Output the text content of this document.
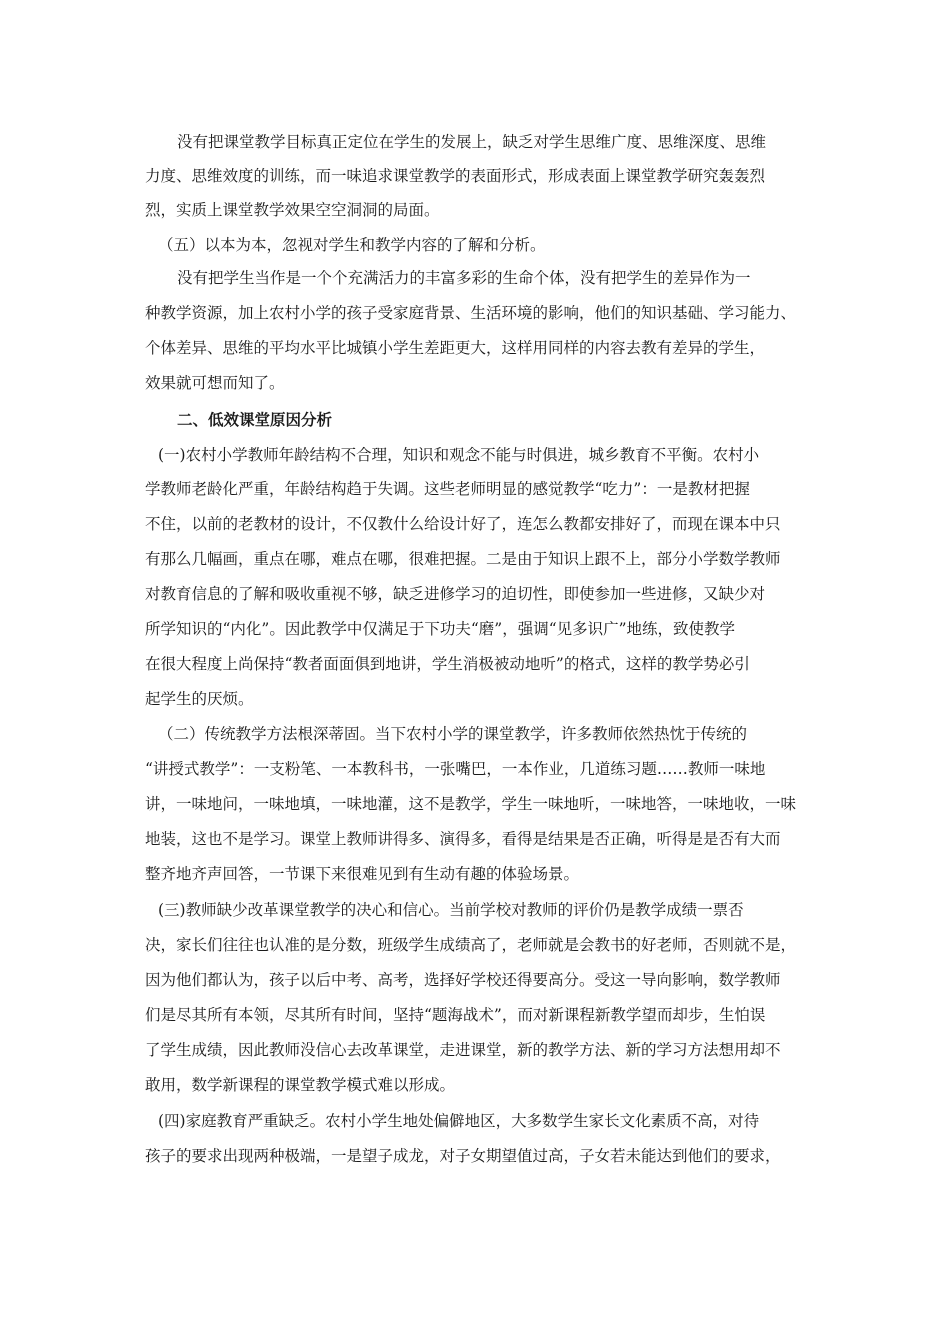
没有把课堂教学目标真正定位在学生的发展上，缺乏对学生思维广度、思维深度、思维
力度、思维效度的训练，而一味追求课堂教学的表面形式，形成表面上课堂教学研究轰轰烈
烈，实质上课堂教学效果空空洞洞的局面。
（五）以本为本，忽视对学生和教学内容的了解和分析。
没有把学生当作是一个个充满活力的丰富多彩的生命个体，没有把学生的差异作为一
种教学资源，加上农村小学的孩子受家庭背景、生活环境的影响，他们的知识基础、学习能力、
个体差异、思维的平均水平比城镇小学生差距更大，这样用同样的内容去教有差异的学生，
效果就可想而知了。
二、低效课堂原因分析
(一)农村小学教师年龄结构不合理，知识和观念不能与时俱进，城乡教育不平衡。农村小
学教师老龄化严重，年龄结构趋于失调。这些老师明显的感觉教学“吃力”：一是教材把握
不住，以前的老教材的设计，不仅教什么给设计好了，连怎么教都安排好了，而现在课本中只
有那么几幅画，重点在哪，难点在哪，很难把握。二是由于知识上跟不上，部分小学数学教师
对教育信息的了解和吸收重视不够，缺乏进修学习的迫切性，即使参加一些进修，又缺少对
所学知识的“内化”。因此教学中仅满足于下功夫“磨”，强调“见多识广”地练，致使教学
在很大程度上尚保持“教者面面俱到地讲，学生消极被动地听”的格式，这样的教学势必引
起学生的厌烦。
（二）传统教学方法根深蒂固。当下农村小学的课堂教学，许多教师依然热忱于传统的
“讲授式教学”：一支粉笔、一本教科书，一张嘴巴，一本作业，几道练习题……教师一味地
讲，一味地问，一味地填，一味地灌，这不是教学，学生一味地听，一味地答，一味地收，一味
地装，这也不是学习。课堂上教师讲得多、演得多，看得是结果是否正确，听得是是否有大而
整齐地齐声回答，一节课下来很难见到有生动有趣的体验场景。
(三)教师缺少改革课堂教学的决心和信心。当前学校对教师的评价仍是教学成绩一票否
决，家长们往往也认准的是分数，班级学生成绩高了，老师就是会教书的好老师，否则就不是，
因为他们都认为，孩子以后中考、高考，选择好学校还得要高分。受这一导向影响，数学教师
们是尽其所有本领，尽其所有时间，坚持“题海战术”，而对新课程新教学望而却步，生怕误
了学生成绩，因此教师没信心去改革课堂，走进课堂，新的教学方法、新的学习方法想用却不
敢用，数学新课程的课堂教学模式难以形成。
(四)家庭教育严重缺乏。农村小学生地处偏僻地区，大多数学生家长文化素质不高，对待
孩子的要求出现两种极端，一是望子成龙，对子女期望值过高，子女若未能达到他们的要求，
